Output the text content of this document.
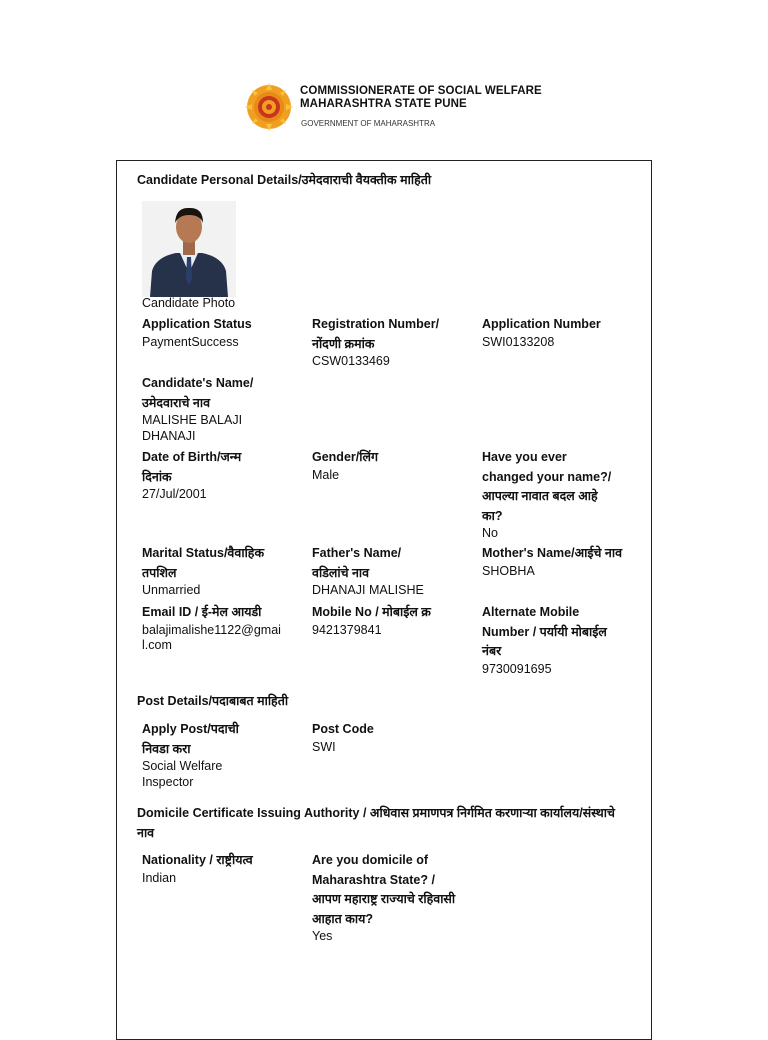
COMMISSIONERATE OF SOCIAL WELFARE
MAHARASHTRA STATE PUNE
GOVERNMENT OF MAHARASHTRA
Candidate Personal Details/उमेदवाराची वैयक्तीक माहिती
Candidate Photo
Application Status
PaymentSuccess
Registration Number/नोंदणी क्रमांक
CSW0133469
Application Number
SWI0133208
Candidate's Name/ उमेदवाराचे नाव
MALISHE BALAJI DHANAJI
Date of Birth/जन्म दिनांक
27/Jul/2001
Gender/लिंग
Male
Have you ever changed your name?/आपल्या नावात बदल आहे का?
No
Marital Status/वैवाहिक तपशिल
Unmarried
Father's Name/ वडिलांचे नाव
DHANAJI MALISHE
Mother's Name/आईचे नाव
SHOBHA
Email ID / ई-मेल आयडी
balajimalishe1122@gmail.com
Mobile No / मोबाईल क्र
9421379841
Alternate Mobile Number / पर्यायी मोबाईल नंबर
9730091695
Post Details/पदाबाबत माहिती
Apply Post/पदाची निवडा करा
Social Welfare Inspector
Post Code
SWI
Domicile Certificate Issuing Authority / अधिवास प्रमाणपत्र निर्गमित करणाऱ्या कार्यालय/संस्थाचे नाव
Nationality / राष्ट्रीयत्व
Indian
Are you domicile of Maharashtra State? / आपण महाराष्ट्र राज्याचे रहिवासी आहात काय?
Yes
